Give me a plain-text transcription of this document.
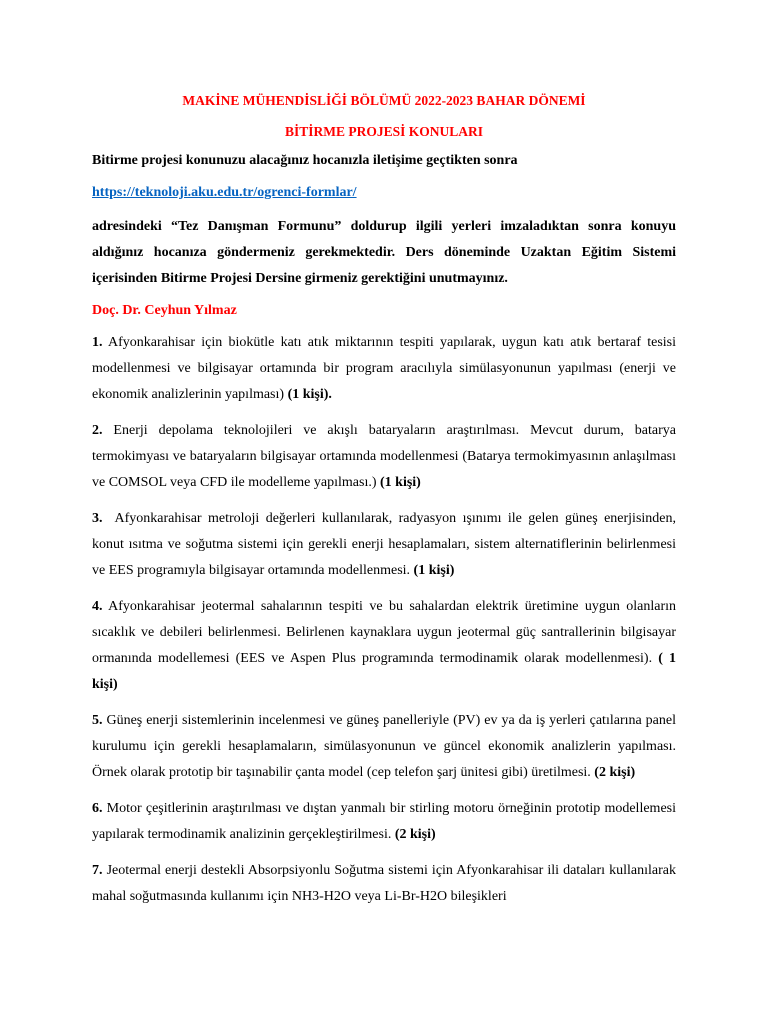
MAKİNE MÜHENDİSLİĞİ BÖLÜMÜ 2022-2023 BAHAR DÖNEMİ
BİTİRME PROJESİ KONULARI

Bitirme projesi konunuzu alacağınız hocanızla iletişime geçtikten sonra

https://teknoloji.aku.edu.tr/ogrenci-formlar/

adresindeki “Tez Danışman Formunu” doldurup ilgili yerleri imzaladıktan sonra konuyu aldığınız hocanıza göndermeniz gerekmektedir. Ders döneminde Uzaktan Eğitim Sistemi içerisinden Bitirme Projesi Dersine girmeniz gerektiğini unutmayınız.

Doç. Dr. Ceyhun Yılmaz

1. Afyonkarahisar için biokütle katı atık miktarının tespiti yapılarak, uygun katı atık bertaraf tesisi modellenmesi ve bilgisayar ortamında bir program aracılıyla simülasyonunun yapılması (enerji ve ekonomik analizlerinin yapılması) (1 kişi).

2. Enerji depolama teknolojileri ve akışlı bataryaların araştırılması. Mevcut durum, batarya termokimyası ve bataryaların bilgisayar ortamında modellenmesi (Batarya termokimyasının anlaşılması ve COMSOL veya CFD ile modelleme yapılması.) (1 kişi)

3. Afyonkarahisar metroloji değerleri kullanılarak, radyasyon ışınımı ile gelen güneş enerjisinden, konut ısıtma ve soğutma sistemi için gerekli enerji hesaplamaları, sistem alternatiflerinin belirlenmesi ve EES programıyla bilgisayar ortamında modellenmesi. (1 kişi)

4. Afyonkarahisar jeotermal sahalarının tespiti ve bu sahalardan elektrik üretimine uygun olanların sıcaklık ve debileri belirlenmesi. Belirlenen kaynaklara uygun jeotermal güç santrallerinin bilgisayar ormanında modellemesi (EES ve Aspen Plus programında termodinamik olarak modellenmesi). ( 1 kişi)

5. Güneş enerji sistemlerinin incelenmesi ve güneş panelleriyle (PV) ev ya da iş yerleri çatılarına panel kurulumu için gerekli hesaplamaların, simülasyonunun ve güncel ekonomik analizlerin yapılması. Örnek olarak prototip bir taşınabilir çanta model (cep telefon şarj ünitesi gibi) üretilmesi. (2 kişi)

6. Motor çeşitlerinin araştırılması ve dıştan yanmalı bir stirling motoru örneğinin prototip modellemesi yapılarak termodinamik analizinin gerçekleştirilmesi. (2 kişi)

7. Jeotermal enerji destekli Absorpsiyonlu Soğutma sistemi için Afyonkarahisar ili dataları kullanılarak mahal soğutmasında kullanımı için NH3-H2O veya Li-Br-H2O bileşikleri
